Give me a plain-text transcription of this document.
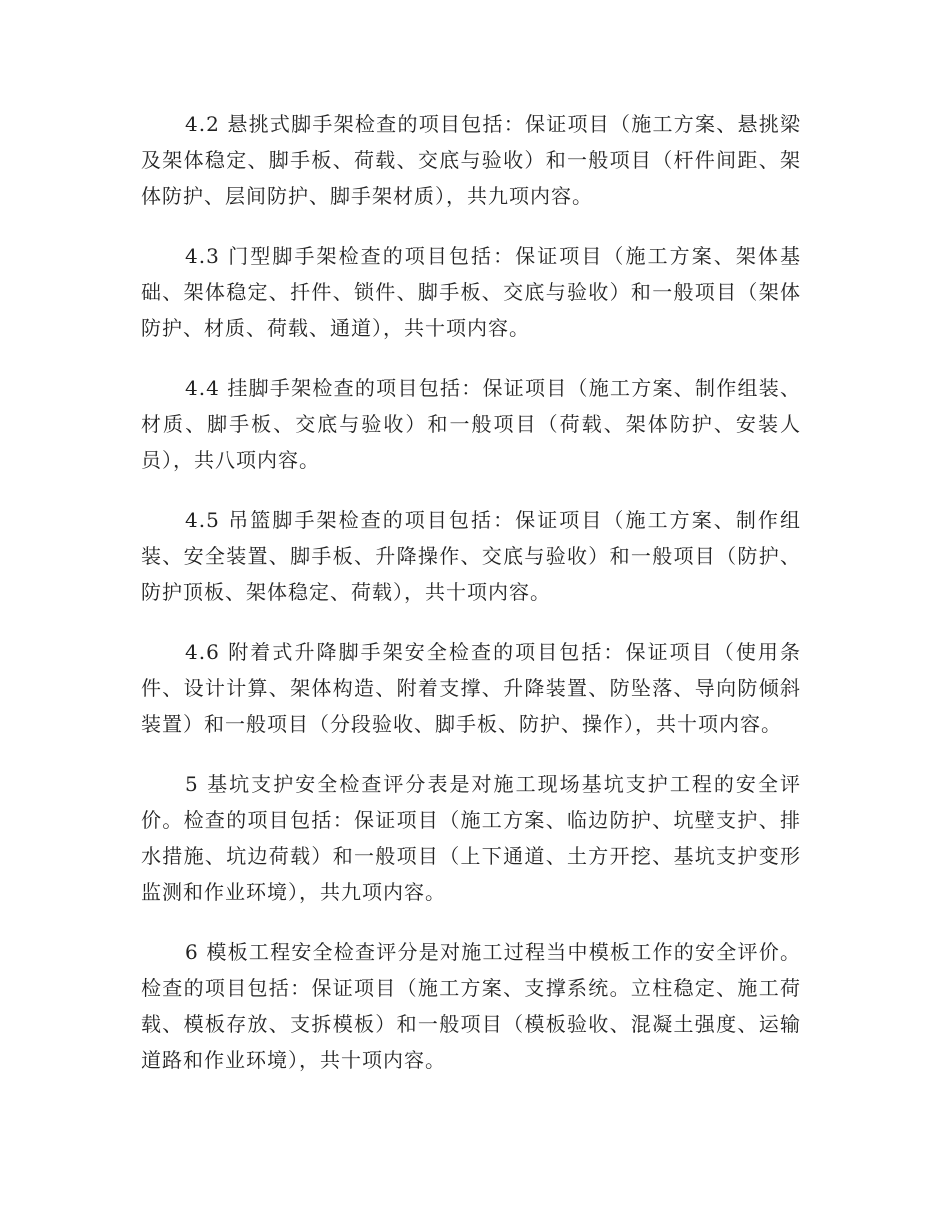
4.2 悬挑式脚手架检查的项目包括：保证项目（施工方案、悬挑梁及架体稳定、脚手板、荷载、交底与验收）和一般项目（杆件间距、架体防护、层间防护、脚手架材质），共九项内容。

4.3 门型脚手架检查的项目包括：保证项目（施工方案、架体基础、架体稳定、扦件、锁件、脚手板、交底与验收）和一般项目（架体防护、材质、荷载、通道），共十项内容。

4.4 挂脚手架检查的项目包括：保证项目（施工方案、制作组装、材质、脚手板、交底与验收）和一般项目（荷载、架体防护、安装人员），共八项内容。

4.5 吊篮脚手架检查的项目包括：保证项目（施工方案、制作组装、安全装置、脚手板、升降操作、交底与验收）和一般项目（防护、防护顶板、架体稳定、荷载），共十项内容。

4.6 附着式升降脚手架安全检查的项目包括：保证项目（使用条件、设计计算、架体构造、附着支撑、升降装置、防坠落、导向防倾斜装置）和一般项目（分段验收、脚手板、防护、操作），共十项内容。

5 基坑支护安全检查评分表是对施工现场基坑支护工程的安全评价。检查的项目包括：保证项目（施工方案、临边防护、坑壁支护、排水措施、坑边荷载）和一般项目（上下通道、土方开挖、基坑支护变形监测和作业环境），共九项内容。

6 模板工程安全检查评分是对施工过程当中模板工作的安全评价。检查的项目包括：保证项目（施工方案、支撑系统。立柱稳定、施工荷载、模板存放、支拆模板）和一般项目（模板验收、混凝土强度、运输道路和作业环境），共十项内容。
